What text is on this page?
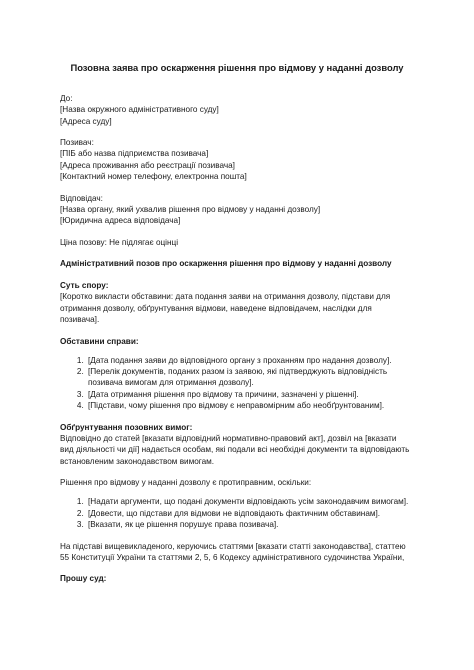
Позовна заява про оскарження рішення про відмову у наданні дозволу
До:
[Назва окружного адміністративного суду]
[Адреса суду]
Позивач:
[ПІБ або назва підприємства позивача]
[Адреса проживання або реєстрації позивача]
[Контактний номер телефону, електронна пошта]
Відповідач:
[Назва органу, який ухвалив рішення про відмову у наданні дозволу]
[Юридична адреса відповідача]
Ціна позову: Не підлягає оцінці
Адміністративний позов про оскарження рішення про відмову у наданні дозволу
Суть спору:
[Коротко викласти обставини: дата подання заяви на отримання дозволу, підстави для отримання дозволу, обґрунтування відмови, наведене відповідачем, наслідки для позивача].
Обставини справи:
1. [Дата подання заяви до відповідного органу з проханням про надання дозволу].
2. [Перелік документів, поданих разом із заявою, які підтверджують відповідність позивача вимогам для отримання дозволу].
3. [Дата отримання рішення про відмову та причини, зазначені у рішенні].
4. [Підстави, чому рішення про відмову є неправомірним або необґрунтованим].
Обґрунтування позовних вимог:
Відповідно до статей [вказати відповідний нормативно-правовий акт], дозвіл на [вказати вид діяльності чи дії] надається особам, які подали всі необхідні документи та відповідають встановленим законодавством вимогам.
Рішення про відмову у наданні дозволу є протиправним, оскільки:
1. [Надати аргументи, що подані документи відповідають усім законодавчим вимогам].
2. [Довести, що підстави для відмови не відповідають фактичним обставинам].
3. [Вказати, як це рішення порушує права позивача].
На підставі вищевикладеного, керуючись статтями [вказати статті законодавства], статтею 55 Конституції України та статтями 2, 5, 6 Кодексу адміністративного судочинства України,
Прошу суд:
